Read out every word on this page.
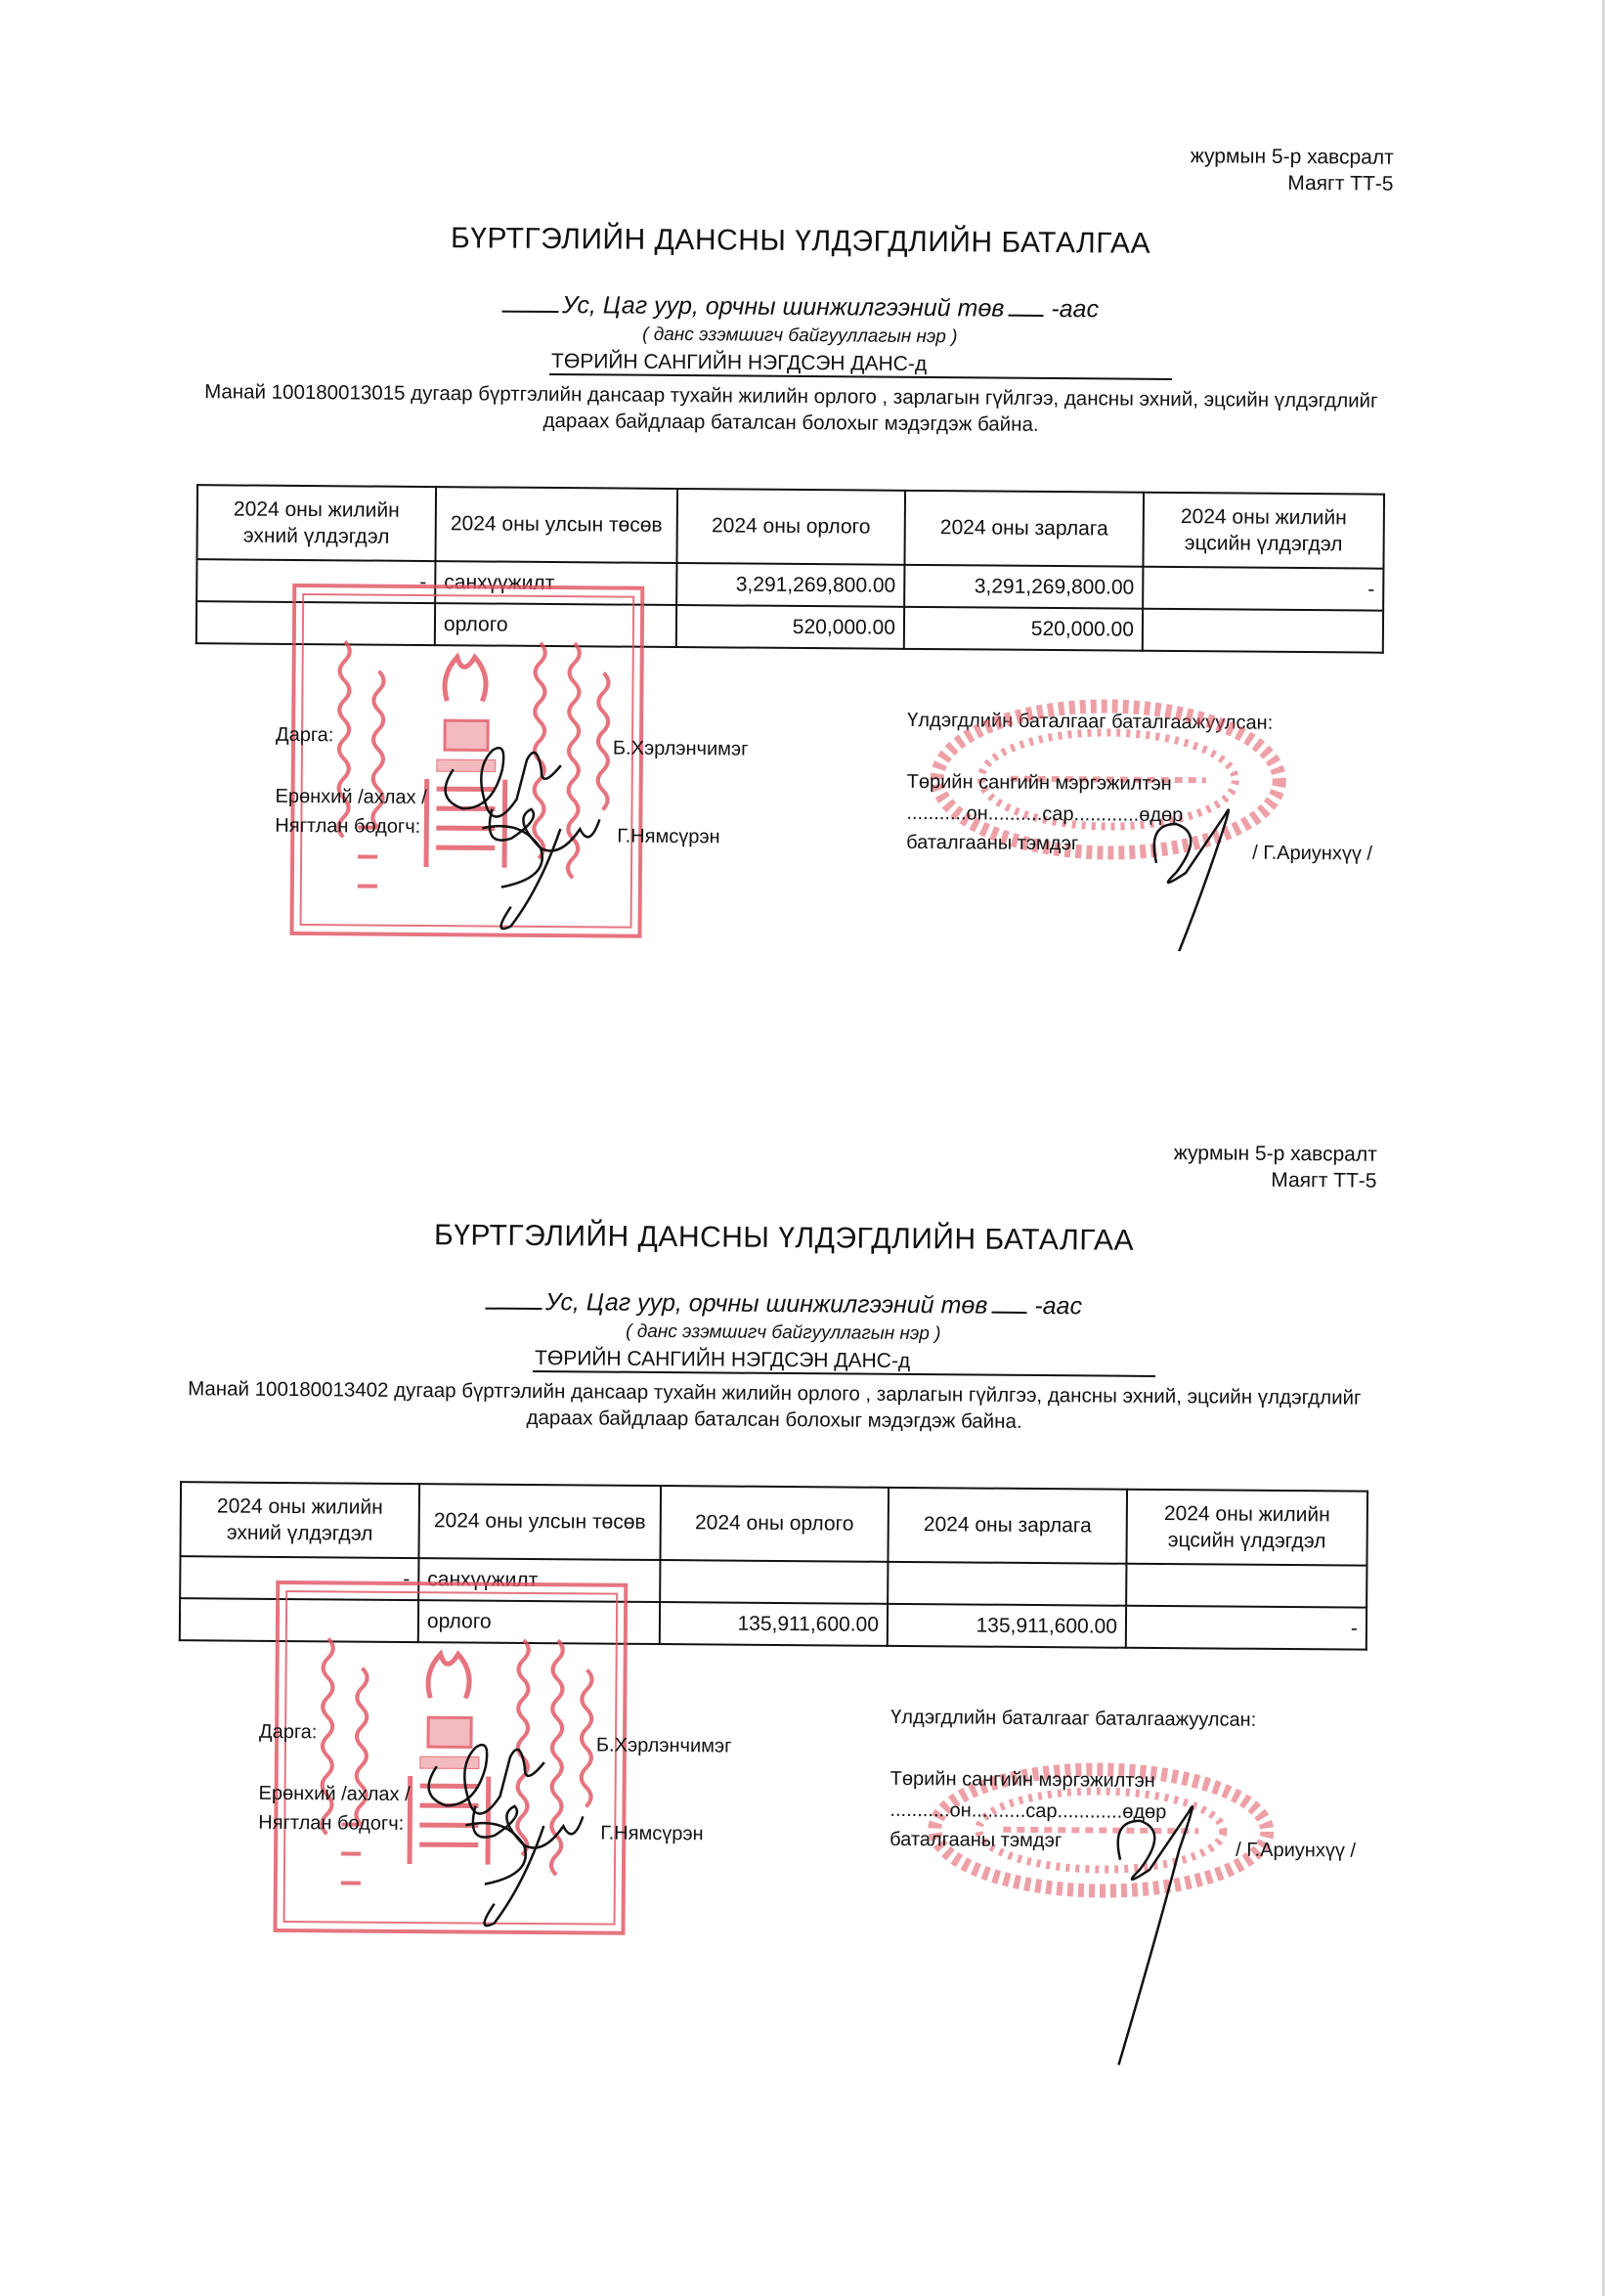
журмын 5-р хавсралт
Маягт ТТ-5
БҮРТГЭЛИЙН ДАНСНЫ ҮЛДЭГДЛИЙН БАТАЛГАА
Ус, Цаг уур, орчны шинжилгээний төв -аас
( данс эзэмшигч байгууллагын нэр )
ТӨРИЙН САНГИЙН НЭГДСЭН ДАНС-д
Манай 100180013015 дугаар бүртгэлийн дансаар тухайн жилийн орлого , зарлагын гүйлгээ, дансны эхний, эцсийн үлдэгдлийг дараах байдлаар баталсан болохыг мэдэгдэж байна.
2024 оны жилийн эхний үлдэгдэл	2024 оны улсын төсөв	2024 оны орлого	2024 оны зарлага	2024 оны жилийн эцсийн үлдэгдэл
-	санхүүжилт	3,291,269,800.00	3,291,269,800.00	-
	орлого	520,000.00	520,000.00	
Дарга:
Б.Хэрлэнчимэг
Ерөнхий /ахлах /
Нягтлан бодогч:	Г.Нямсүрэн
Үлдэгдлийн баталгааг баталгаажуулсан:
Төрийн сангийн мэргэжилтэн
...........он..........сар............өдөр
баталгааны тэмдэг	/ Г.Ариунхүү /
журмын 5-р хавсралт
Маягт ТТ-5
БҮРТГЭЛИЙН ДАНСНЫ ҮЛДЭГДЛИЙН БАТАЛГАА
Ус, Цаг уур, орчны шинжилгээний төв -аас
( данс эзэмшигч байгууллагын нэр )
ТӨРИЙН САНГИЙН НЭГДСЭН ДАНС-д
Манай 100180013402 дугаар бүртгэлийн дансаар тухайн жилийн орлого , зарлагын гүйлгээ, дансны эхний, эцсийн үлдэгдлийг дараах байдлаар баталсан болохыг мэдэгдэж байна.
2024 оны жилийн эхний үлдэгдэл	2024 оны улсын төсөв	2024 оны орлого	2024 оны зарлага	2024 оны жилийн эцсийн үлдэгдэл
-	санхүүжилт			
	орлого	135,911,600.00	135,911,600.00	-
Дарга:
Б.Хэрлэнчимэг
Ерөнхий /ахлах /
Нягтлан бодогч:	Г.Нямсүрэн
Үлдэгдлийн баталгааг баталгаажуулсан:
Төрийн сангийн мэргэжилтэн
...........он..........сар............өдөр
баталгааны тэмдэг	/ Г.Ариунхүү /
